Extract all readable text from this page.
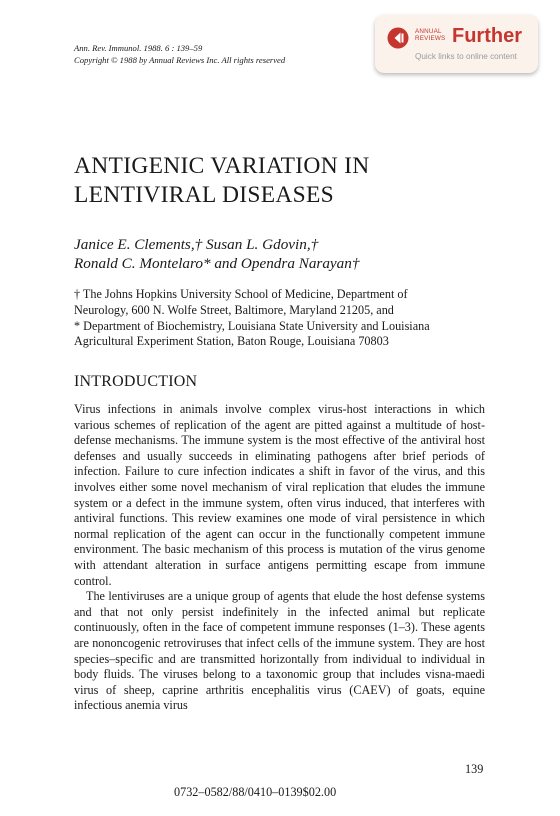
Ann. Rev. Immunol. 1988. 6 : 139–59
Copyright © 1988 by Annual Reviews Inc. All rights reserved
ANNUAL
REVIEWS Further
Quick links to online content
ANTIGENIC VARIATION IN
LENTIVIRAL DISEASES

Janice E. Clements,† Susan L. Gdovin,†
Ronald C. Montelaro* and Opendra Narayan†

† The Johns Hopkins University School of Medicine, Department of
Neurology, 600 N. Wolfe Street, Baltimore, Maryland 21205, and
* Department of Biochemistry, Louisiana State University and Louisiana
Agricultural Experiment Station, Baton Rouge, Louisiana 70803
INTRODUCTION

Virus infections in animals involve complex virus-host interactions in which various schemes of replication of the agent are pitted against a multitude of host-defense mechanisms. The immune system is the most effective of the antiviral host defenses and usually succeeds in eliminating pathogens after brief periods of infection. Failure to cure infection indicates a shift in favor of the virus, and this involves either some novel mechanism of viral replication that eludes the immune system or a defect in the immune system, often virus induced, that interferes with antiviral functions. This review examines one mode of viral persistence in which normal replication of the agent can occur in the functionally competent immune environment. The basic mechanism of this process is mutation of the virus genome with attendant alteration in surface antigens permitting escape from immune control.

The lentiviruses are a unique group of agents that elude the host defense systems and that not only persist indefinitely in the infected animal but replicate continuously, often in the face of competent immune responses (1–3). These agents are nononcogenic retroviruses that infect cells of the immune system. They are host species–specific and are transmitted horizontally from individual to individual in body fluids. The viruses belong to a taxonomic group that includes visna-maedi virus of sheep, caprine arthritis encephalitis virus (CAEV) of goats, equine infectious anemia virus

139
0732–0582/88/0410–0139$02.00
